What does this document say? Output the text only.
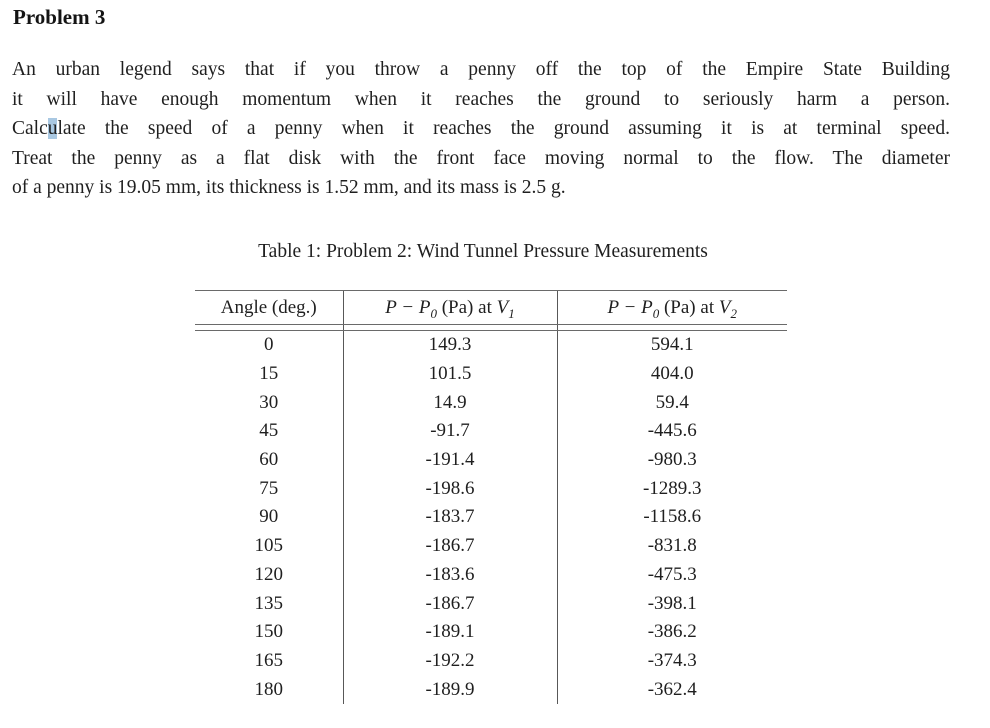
Problem 3
An urban legend says that if you throw a penny off the top of the Empire State Building
it will have enough momentum when it reaches the ground to seriously harm a person.
Calculate the speed of a penny when it reaches the ground assuming it is at terminal speed.
Treat the penny as a flat disk with the front face moving normal to the flow. The diameter
of a penny is 19.05 mm, its thickness is 1.52 mm, and its mass is 2.5 g.
Table 1: Problem 2: Wind Tunnel Pressure Measurements
Angle (deg.)	$P - P_0$ (Pa) at $V_1$	$P - P_0$ (Pa) at $V_2$

0	149.3	594.1
15	101.5	404.0
30	14.9	59.4
45	-91.7	-445.6
60	-191.4	-980.3
75	-198.6	-1289.3
90	-183.7	-1158.6
105	-186.7	-831.8
120	-183.6	-475.3
135	-186.7	-398.1
150	-189.1	-386.2
165	-192.2	-374.3
180	-189.9	-362.4
